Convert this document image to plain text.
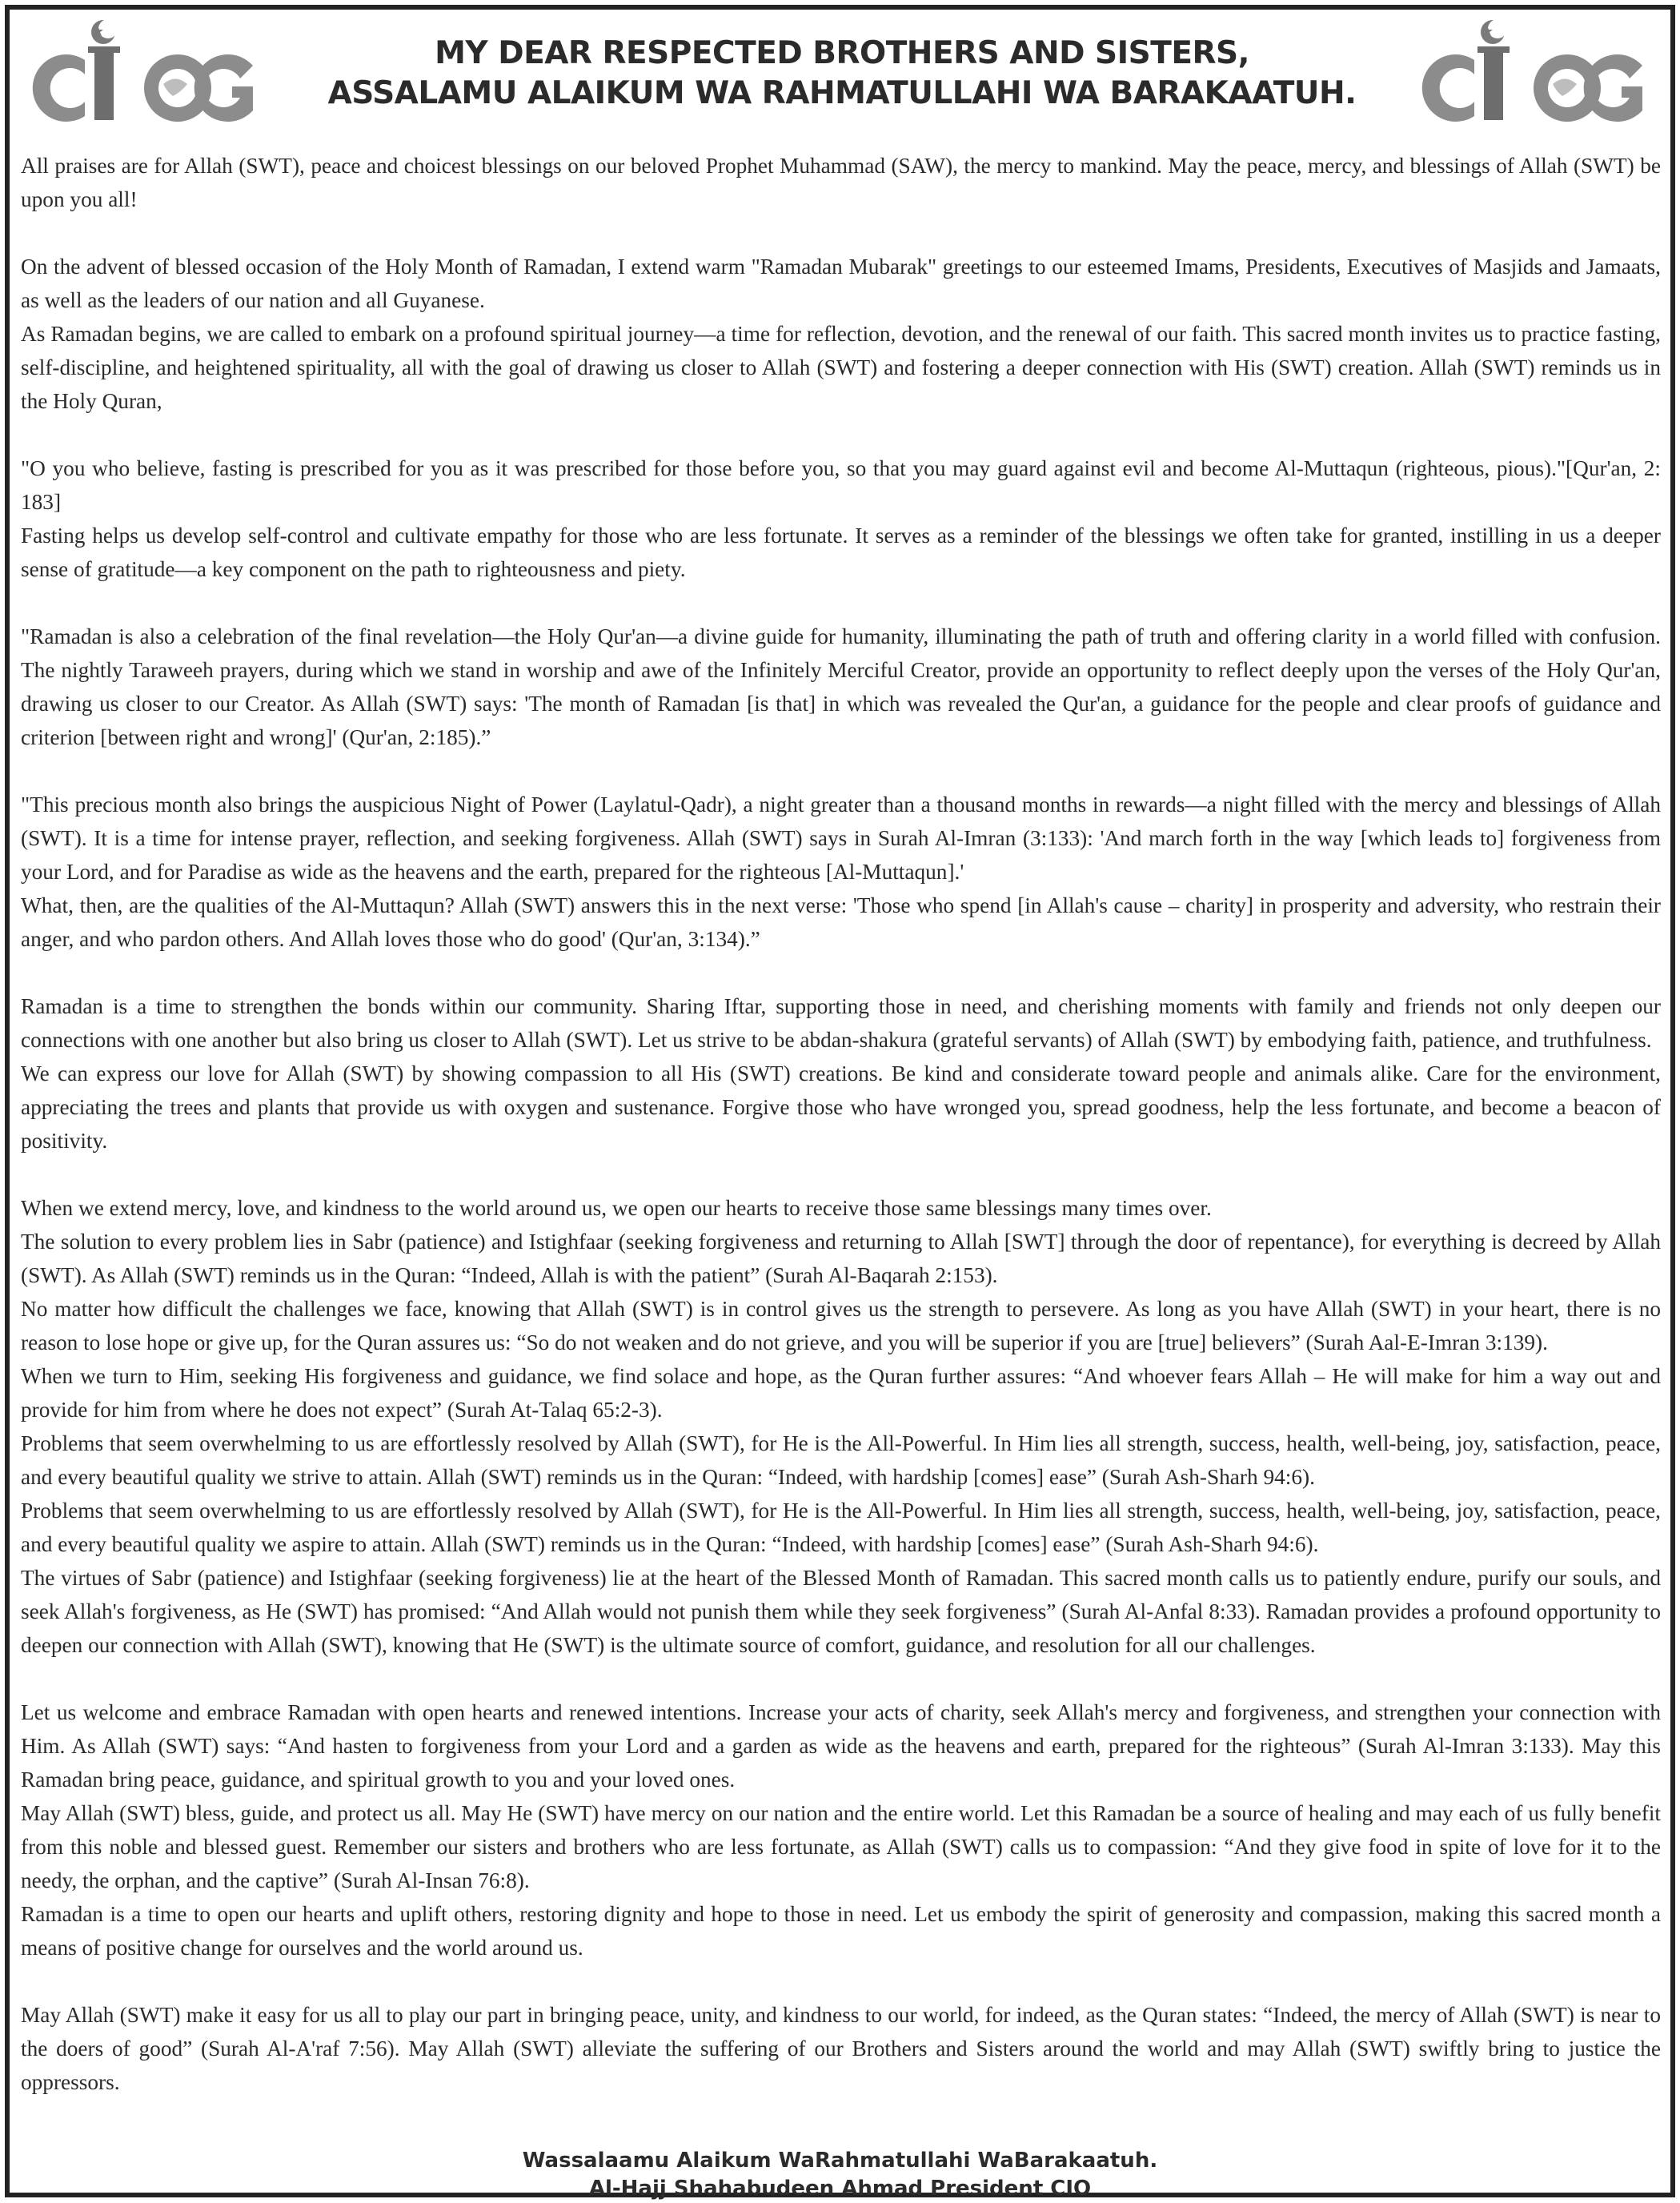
CIOG
MY DEAR RESPECTED BROTHERS AND SISTERS,
ASSALAMU ALAIKUM WA RAHMATULLAHI WA BARAKAATUH.

All praises are for Allah (SWT), peace and choicest blessings on our beloved Prophet Muhammad (SAW), the mercy to mankind. May the peace, mercy, and blessings of Allah (SWT) be upon you all!

On the advent of blessed occasion of the Holy Month of Ramadan, I extend warm "Ramadan Mubarak" greetings to our esteemed Imams, Presidents, Executives of Masjids and Jamaats, as well as the leaders of our nation and all Guyanese.

As Ramadan begins, we are called to embark on a profound spiritual journey—a time for reflection, devotion, and the renewal of our faith. This sacred month invites us to practice fasting, self-discipline, and heightened spirituality, all with the goal of drawing us closer to Allah (SWT) and fostering a deeper connection with His (SWT) creation. Allah (SWT) reminds us in the Holy Quran,

"O you who believe, fasting is prescribed for you as it was prescribed for those before you, so that you may guard against evil and become Al-Muttaqun (righteous, pious)."[Qur'an, 2: 183]

Fasting helps us develop self-control and cultivate empathy for those who are less fortunate. It serves as a reminder of the blessings we often take for granted, instilling in us a deeper sense of gratitude—a key component on the path to righteousness and piety.

"Ramadan is also a celebration of the final revelation—the Holy Qur'an—a divine guide for humanity, illuminating the path of truth and offering clarity in a world filled with confusion. The nightly Taraweeh prayers, during which we stand in worship and awe of the Infinitely Merciful Creator, provide an opportunity to reflect deeply upon the verses of the Holy Qur'an, drawing us closer to our Creator. As Allah (SWT) says: 'The month of Ramadan [is that] in which was revealed the Qur'an, a guidance for the people and clear proofs of guidance and criterion [between right and wrong]' (Qur'an, 2:185).”

"This precious month also brings the auspicious Night of Power (Laylatul-Qadr), a night greater than a thousand months in rewards—a night filled with the mercy and blessings of Allah (SWT). It is a time for intense prayer, reflection, and seeking forgiveness. Allah (SWT) says in Surah Al-Imran (3:133): 'And march forth in the way [which leads to] forgiveness from your Lord, and for Paradise as wide as the heavens and the earth, prepared for the righteous [Al-Muttaqun].'

What, then, are the qualities of the Al-Muttaqun? Allah (SWT) answers this in the next verse: 'Those who spend [in Allah's cause – charity] in prosperity and adversity, who restrain their anger, and who pardon others. And Allah loves those who do good' (Qur'an, 3:134).”

Ramadan is a time to strengthen the bonds within our community. Sharing Iftar, supporting those in need, and cherishing moments with family and friends not only deepen our connections with one another but also bring us closer to Allah (SWT). Let us strive to be abdan-shakura (grateful servants) of Allah (SWT) by embodying faith, patience, and truthfulness.

We can express our love for Allah (SWT) by showing compassion to all His (SWT) creations. Be kind and considerate toward people and animals alike. Care for the environment, appreciating the trees and plants that provide us with oxygen and sustenance. Forgive those who have wronged you, spread goodness, help the less fortunate, and become a beacon of positivity.

When we extend mercy, love, and kindness to the world around us, we open our hearts to receive those same blessings many times over.

The solution to every problem lies in Sabr (patience) and Istighfaar (seeking forgiveness and returning to Allah [SWT] through the door of repentance), for everything is decreed by Allah (SWT). As Allah (SWT) reminds us in the Quran: “Indeed, Allah is with the patient” (Surah Al-Baqarah 2:153).

No matter how difficult the challenges we face, knowing that Allah (SWT) is in control gives us the strength to persevere. As long as you have Allah (SWT) in your heart, there is no reason to lose hope or give up, for the Quran assures us: “So do not weaken and do not grieve, and you will be superior if you are [true] believers” (Surah Aal-E-Imran 3:139).

When we turn to Him, seeking His forgiveness and guidance, we find solace and hope, as the Quran further assures: “And whoever fears Allah – He will make for him a way out and provide for him from where he does not expect” (Surah At-Talaq 65:2-3).

Problems that seem overwhelming to us are effortlessly resolved by Allah (SWT), for He is the All-Powerful. In Him lies all strength, success, health, well-being, joy, satisfaction, peace, and every beautiful quality we strive to attain. Allah (SWT) reminds us in the Quran: “Indeed, with hardship [comes] ease” (Surah Ash-Sharh 94:6).

Problems that seem overwhelming to us are effortlessly resolved by Allah (SWT), for He is the All-Powerful. In Him lies all strength, success, health, well-being, joy, satisfaction, peace, and every beautiful quality we aspire to attain. Allah (SWT) reminds us in the Quran: “Indeed, with hardship [comes] ease” (Surah Ash-Sharh 94:6).

The virtues of Sabr (patience) and Istighfaar (seeking forgiveness) lie at the heart of the Blessed Month of Ramadan. This sacred month calls us to patiently endure, purify our souls, and seek Allah's forgiveness, as He (SWT) has promised: “And Allah would not punish them while they seek forgiveness” (Surah Al-Anfal 8:33). Ramadan provides a profound opportunity to deepen our connection with Allah (SWT), knowing that He (SWT) is the ultimate source of comfort, guidance, and resolution for all our challenges.

Let us welcome and embrace Ramadan with open hearts and renewed intentions. Increase your acts of charity, seek Allah's mercy and forgiveness, and strengthen your connection with Him. As Allah (SWT) says: “And hasten to forgiveness from your Lord and a garden as wide as the heavens and earth, prepared for the righteous” (Surah Al-Imran 3:133). May this Ramadan bring peace, guidance, and spiritual growth to you and your loved ones.

May Allah (SWT) bless, guide, and protect us all. May He (SWT) have mercy on our nation and the entire world. Let this Ramadan be a source of healing and may each of us fully benefit from this noble and blessed guest. Remember our sisters and brothers who are less fortunate, as Allah (SWT) calls us to compassion: “And they give food in spite of love for it to the needy, the orphan, and the captive” (Surah Al-Insan 76:8).

Ramadan is a time to open our hearts and uplift others, restoring dignity and hope to those in need. Let us embody the spirit of generosity and compassion, making this sacred month a means of positive change for ourselves and the world around us.

May Allah (SWT) make it easy for us all to play our part in bringing peace, unity, and kindness to our world, for indeed, as the Quran states: “Indeed, the mercy of Allah (SWT) is near to the doers of good” (Surah Al-A'raf 7:56). May Allah (SWT) alleviate the suffering of our Brothers and Sisters around the world and may Allah (SWT) swiftly bring to justice the oppressors.

Wassalaamu Alaikum WaRahmatullahi WaBarakaatuh.
Al-Hajj Shahabudeen Ahmad President CIO
